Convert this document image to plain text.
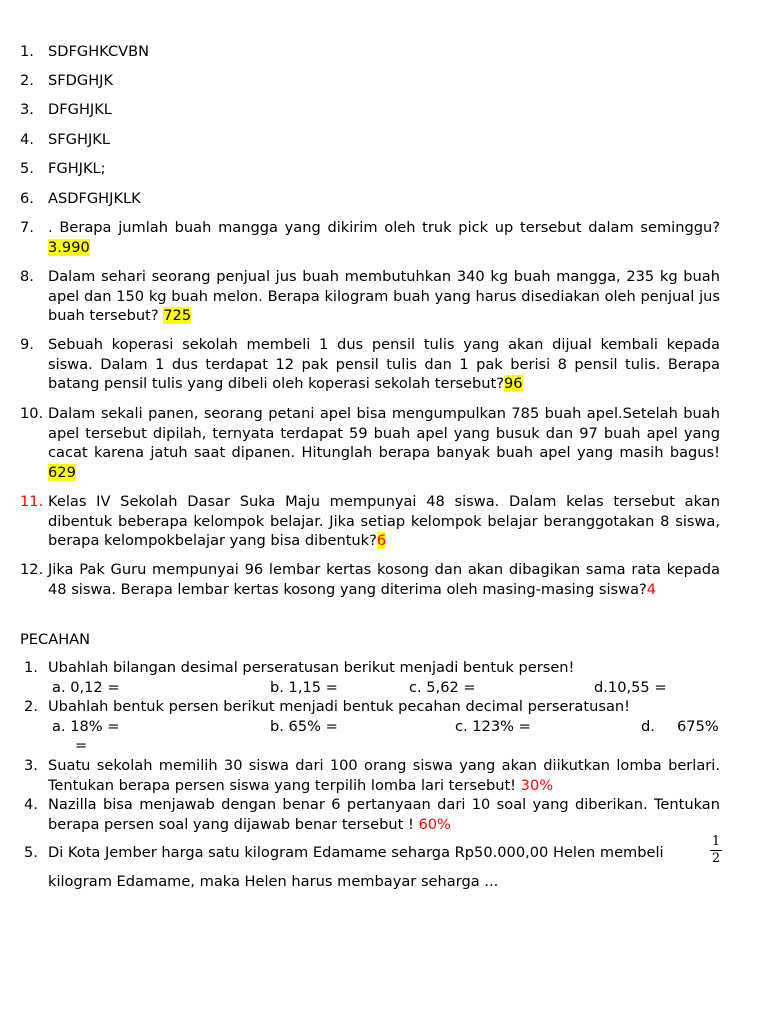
1. SDFGHKCVBN
2. SFDGHJK
3. DFGHJKL
4. SFGHJKL
5. FGHJKL;
6. ASDFGHJKLK
7. . Berapa jumlah buah mangga yang dikirim oleh truk pick up tersebut dalam seminggu?3.990
8. Dalam sehari seorang penjual jus buah membutuhkan 340 kg buah mangga, 235 kg buah apel dan 150 kg buah melon. Berapa kilogram buah yang harus disediakan oleh penjual jus buah tersebut? 725
9. Sebuah koperasi sekolah membeli 1 dus pensil tulis yang akan dijual kembali kepada siswa. Dalam 1 dus terdapat 12 pak pensil tulis dan 1 pak berisi 8 pensil tulis. Berapa batang pensil tulis yang dibeli oleh koperasi sekolah tersebut?96
10. Dalam sekali panen, seorang petani apel bisa mengumpulkan 785 buah apel.Setelah buah apel tersebut dipilah, ternyata terdapat 59 buah apel yang busuk dan 97 buah apel yang cacat karena jatuh saat dipanen. Hitunglah berapa banyak buah apel yang masih bagus! 629
11. Kelas IV Sekolah Dasar Suka Maju mempunyai 48 siswa. Dalam kelas tersebut akan dibentuk beberapa kelompok belajar. Jika setiap kelompok belajar beranggotakan 8 siswa, berapa kelompokbelajar yang bisa dibentuk?6
12. Jika Pak Guru mempunyai 96 lembar kertas kosong dan akan dibagikan sama rata kepada 48 siswa. Berapa lembar kertas kosong yang diterima oleh masing-masing siswa?4
PECAHAN
1. Ubahlah bilangan desimal perseratusan berikut menjadi bentuk persen!
a. 0,12 =	b. 1,15 =	c. 5,62 =	d.10,55 =
2. Ubahlah bentuk persen berikut menjadi bentuk pecahan decimal perseratusan!
a. 18% =	b. 65% =	c. 123% =	d. 675%
=
3. Suatu sekolah memilih 30 siswa dari 100 orang siswa yang akan diikutkan lomba berlari. Tentukan berapa persen siswa yang terpilih lomba lari tersebut! 30%
4. Nazilla bisa menjawab dengan benar 6 pertanyaan dari 10 soal yang diberikan. Tentukan berapa persen soal yang dijawab benar tersebut ! 60%
5. Di Kota Jember harga satu kilogram Edamame seharga Rp50.000,00 Helen membeli
1
2
kilogram Edamame, maka Helen harus membayar seharga ...
